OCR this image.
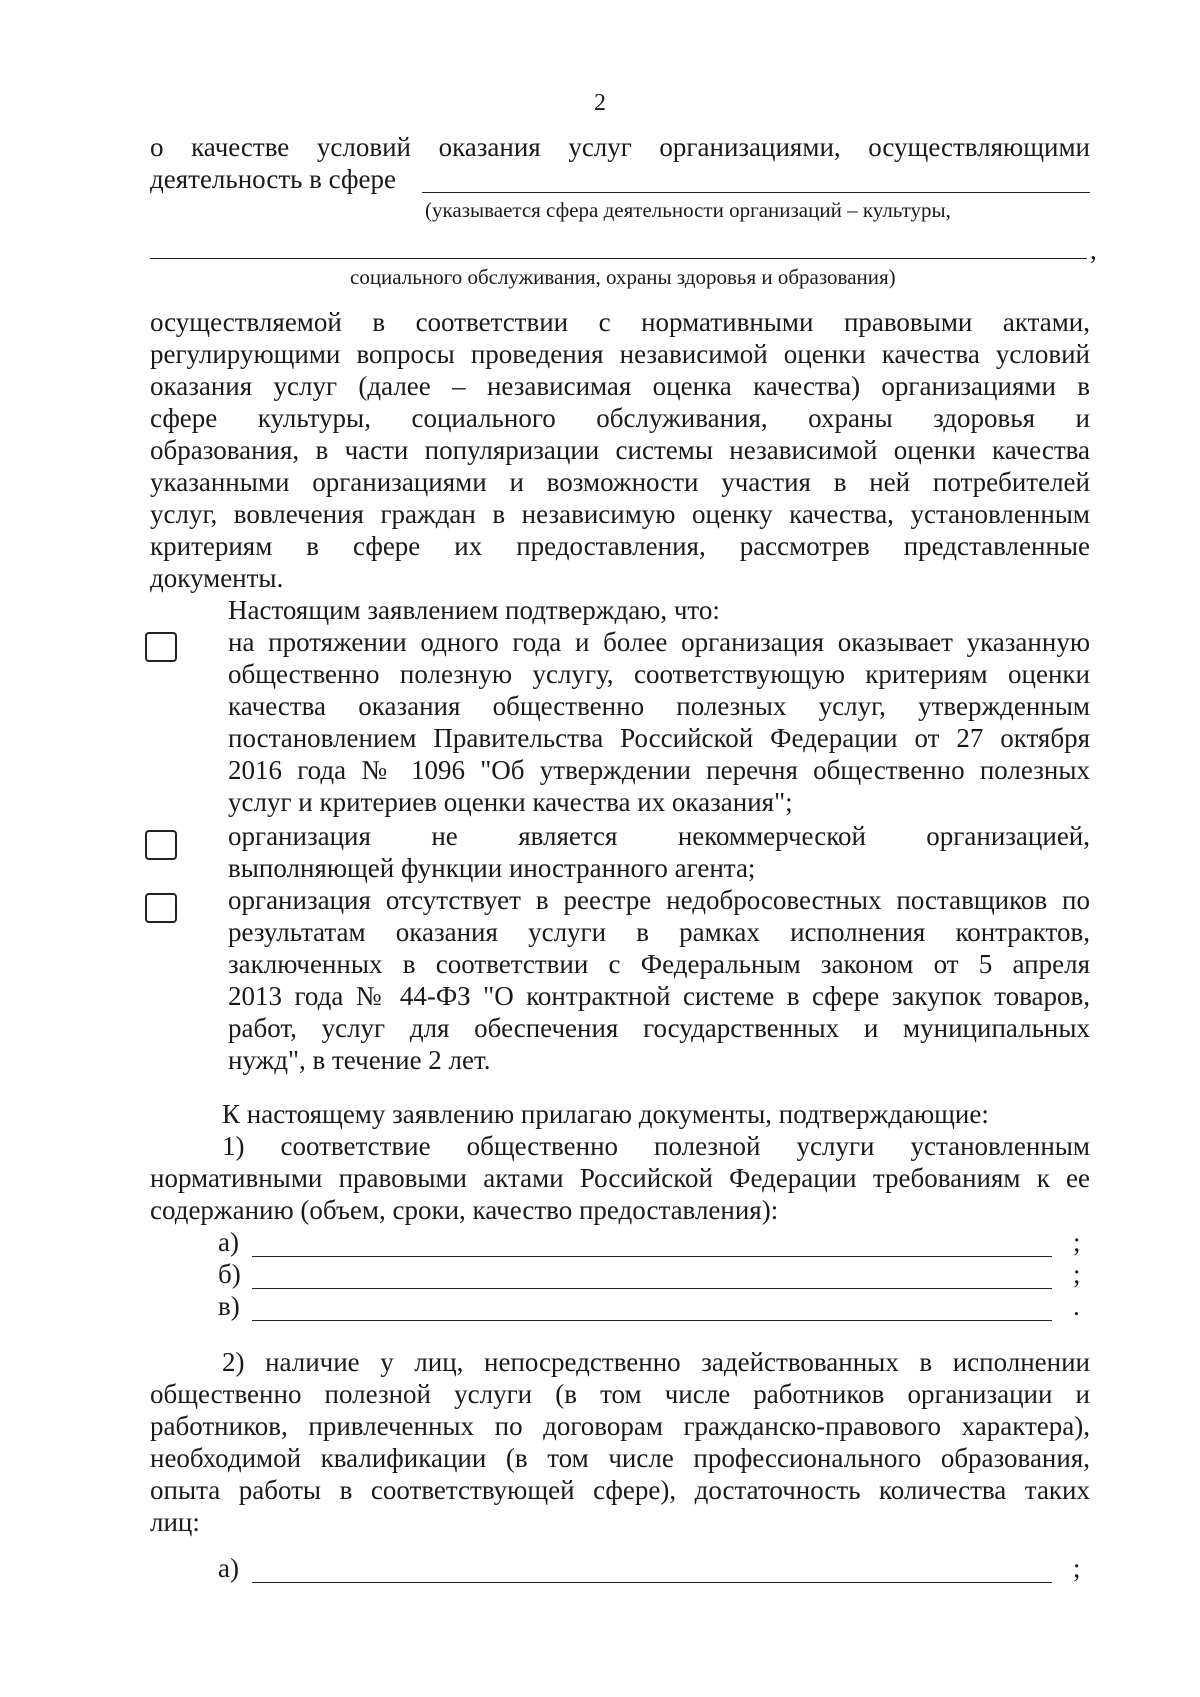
2
о качестве условий оказания услуг организациями, осуществляющими
деятельность в сфере
(указывается сфера деятельности организаций – культуры,
,
социального обслуживания, охраны здоровья и образования)
осуществляемой в соответствии с нормативными правовыми актами,
регулирующими вопросы проведения независимой оценки качества условий
оказания услуг (далее – независимая оценка качества) организациями в
сфере культуры, социального обслуживания, охраны здоровья и
образования, в части популяризации системы независимой оценки качества
указанными организациями и возможности участия в ней потребителей
услуг, вовлечения граждан в независимую оценку качества, установленным
критериям в сфере их предоставления, рассмотрев представленные
документы.
Настоящим заявлением подтверждаю, что:
на протяжении одного года и более организация оказывает указанную
общественно полезную услугу, соответствующую критериям оценки
качества оказания общественно полезных услуг, утвержденным
постановлением Правительства Российской Федерации от 27 октября
2016 года № 1096 "Об утверждении перечня общественно полезных
услуг и критериев оценки качества их оказания";
организация не является некоммерческой организацией,
выполняющей функции иностранного агента;
организация отсутствует в реестре недобросовестных поставщиков по
результатам оказания услуги в рамках исполнения контрактов,
заключенных в соответствии с Федеральным законом от 5 апреля
2013 года № 44-ФЗ "О контрактной системе в сфере закупок товаров,
работ, услуг для обеспечения государственных и муниципальных
нужд", в течение 2 лет.
К настоящему заявлению прилагаю документы, подтверждающие:
1) соответствие общественно полезной услуги установленным
нормативными правовыми актами Российской Федерации требованиям к ее
содержанию (объем, сроки, качество предоставления):
а)	;
б)	;
в)	.
2) наличие у лиц, непосредственно задействованных в исполнении
общественно полезной услуги (в том числе работников организации и
работников, привлеченных по договорам гражданско-правового характера),
необходимой квалификации (в том числе профессионального образования,
опыта работы в соответствующей сфере), достаточность количества таких
лиц:
а)	;
